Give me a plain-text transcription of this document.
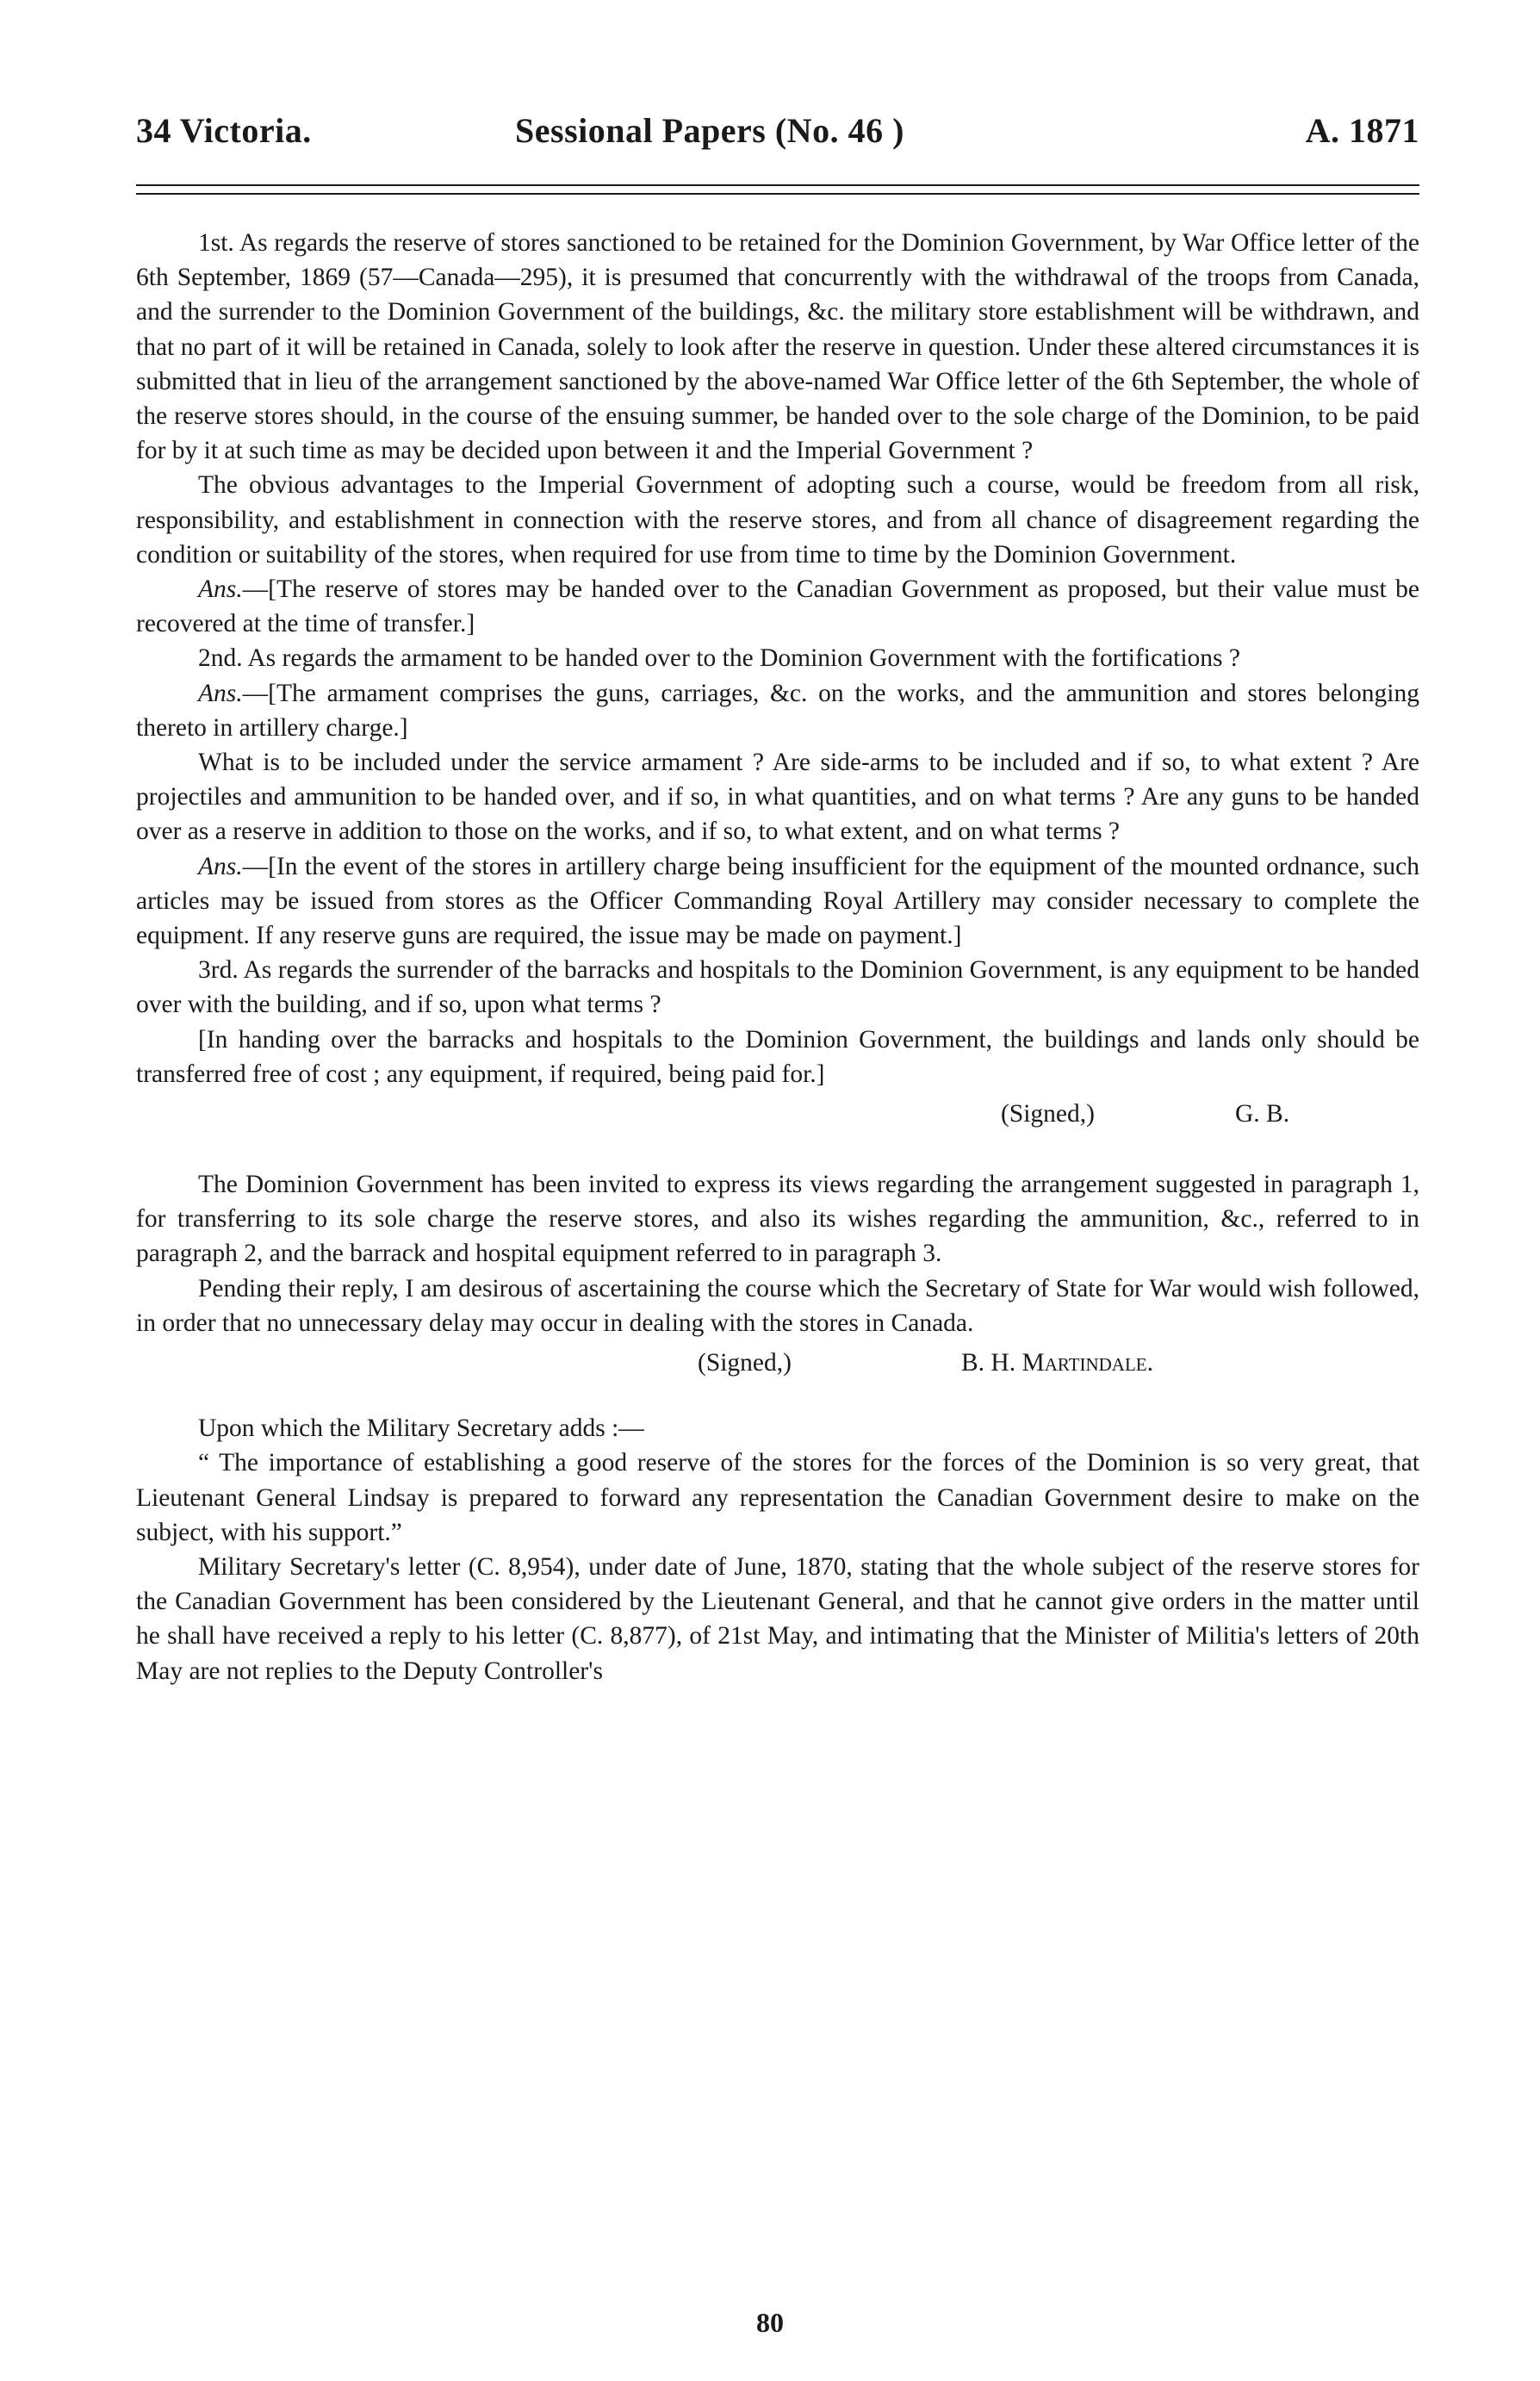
34 Victoria.	Sessional Papers (No. 46 )	A. 1871

1st. As regards the reserve of stores sanctioned to be retained for the Dominion Government, by War Office letter of the 6th September, 1869 (57—Canada—295), it is presumed that concurrently with the withdrawal of the troops from Canada, and the surrender to the Dominion Government of the buildings, &c. the military store establishment will be withdrawn, and that no part of it will be retained in Canada, solely to look after the reserve in question. Under these altered circumstances it is submitted that in lieu of the arrangement sanctioned by the above-named War Office letter of the 6th September, the whole of the reserve stores should, in the course of the ensuing summer, be handed over to the sole charge of the Dominion, to be paid for by it at such time as may be decided upon between it and the Imperial Government ?

The obvious advantages to the Imperial Government of adopting such a course, would be freedom from all risk, responsibility, and establishment in connection with the reserve stores, and from all chance of disagreement regarding the condition or suitability of the stores, when required for use from time to time by the Dominion Government.

Ans.—[The reserve of stores may be handed over to the Canadian Government as proposed, but their value must be recovered at the time of transfer.]

2nd. As regards the armament to be handed over to the Dominion Government with the fortifications ?

Ans.—[The armament comprises the guns, carriages, &c. on the works, and the ammunition and stores belonging thereto in artillery charge.]

What is to be included under the service armament ? Are side-arms to be included and if so, to what extent ? Are projectiles and ammunition to be handed over, and if so, in what quantities, and on what terms ? Are any guns to be handed over as a reserve in addition to those on the works, and if so, to what extent, and on what terms ?

Ans.—[In the event of the stores in artillery charge being insufficient for the equipment of the mounted ordnance, such articles may be issued from stores as the Officer Commanding Royal Artillery may consider necessary to complete the equipment. If any reserve guns are required, the issue may be made on payment.]

3rd. As regards the surrender of the barracks and hospitals to the Dominion Government, is any equipment to be handed over with the building, and if so, upon what terms ?

[In handing over the barracks and hospitals to the Dominion Government, the buildings and lands only should be transferred free of cost ; any equipment, if required, being paid for.]

(Signed,)	G. B.

The Dominion Government has been invited to express its views regarding the arrangement suggested in paragraph 1, for transferring to its sole charge the reserve stores, and also its wishes regarding the ammunition, &c., referred to in paragraph 2, and the barrack and hospital equipment referred to in paragraph 3.

Pending their reply, I am desirous of ascertaining the course which the Secretary of State for War would wish followed, in order that no unnecessary delay may occur in dealing with the stores in Canada.

(Signed,)	B. H. Martindale.

Upon which the Military Secretary adds :—

“ The importance of establishing a good reserve of the stores for the forces of the Dominion is so very great, that Lieutenant General Lindsay is prepared to forward any representation the Canadian Government desire to make on the subject, with his support.”

Military Secretary's letter (C. 8,954), under date of June, 1870, stating that the whole subject of the reserve stores for the Canadian Government has been considered by the Lieutenant General, and that he cannot give orders in the matter until he shall have received a reply to his letter (C. 8,877), of 21st May, and intimating that the Minister of Militia's letters of 20th May are not replies to the Deputy Controller's

80
